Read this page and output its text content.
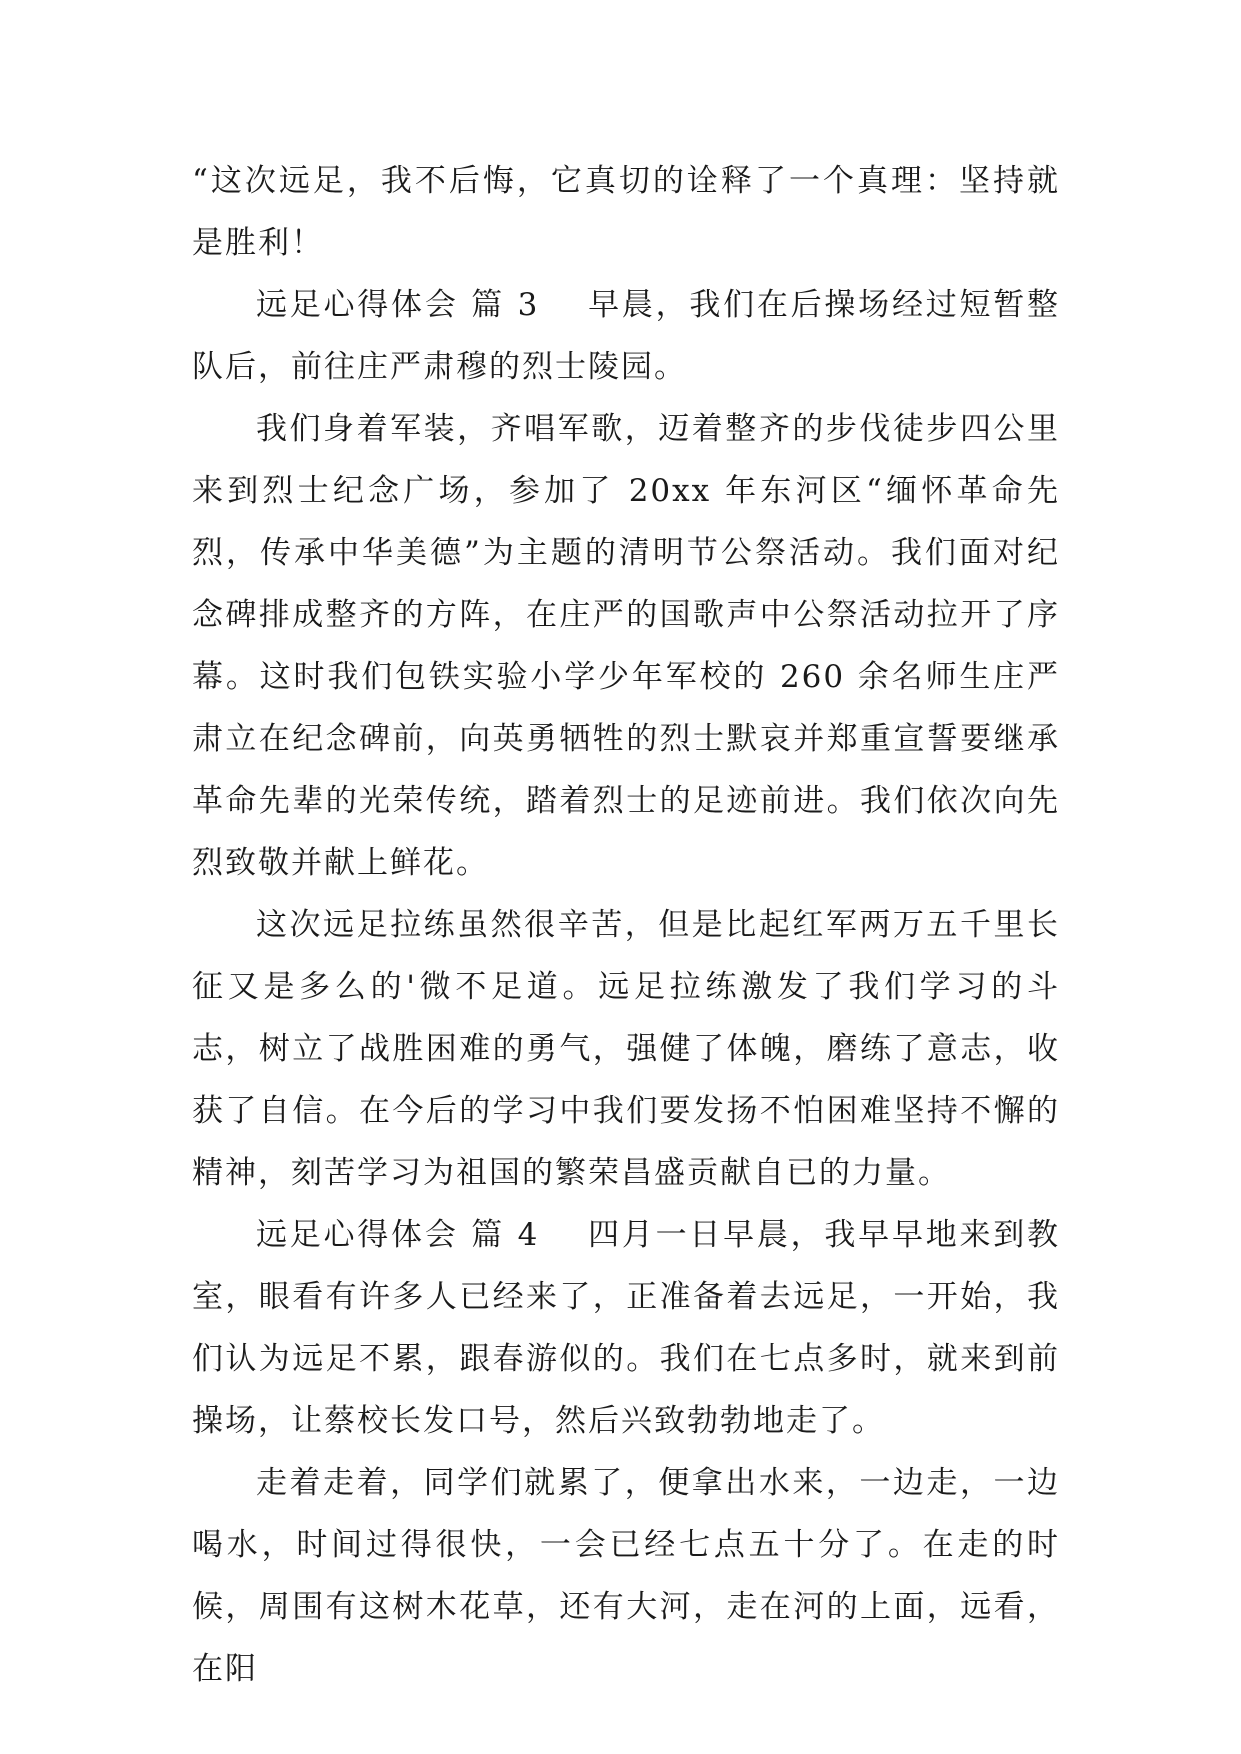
“这次远足，我不后悔，它真切的诠释了一个真理：坚持就是胜利！

远足心得体会 篇 3 早晨，我们在后操场经过短暂整队后，前往庄严肃穆的烈士陵园。

我们身着军装，齐唱军歌，迈着整齐的步伐徒步四公里来到烈士纪念广场，参加了 20xx 年东河区“缅怀革命先烈，传承中华美德”为主题的清明节公祭活动。我们面对纪念碑排成整齐的方阵，在庄严的国歌声中公祭活动拉开了序幕。这时我们包铁实验小学少年军校的 260 余名师生庄严肃立在纪念碑前，向英勇牺牲的烈士默哀并郑重宣誓要继承革命先辈的光荣传统，踏着烈士的足迹前进。我们依次向先烈致敬并献上鲜花。

这次远足拉练虽然很辛苦，但是比起红军两万五千里长征又是多么的'微不足道。远足拉练激发了我们学习的斗志，树立了战胜困难的勇气，强健了体魄，磨练了意志，收获了自信。在今后的学习中我们要发扬不怕困难坚持不懈的精神，刻苦学习为祖国的繁荣昌盛贡献自已的力量。

远足心得体会 篇 4 四月一日早晨，我早早地来到教室，眼看有许多人已经来了，正准备着去远足，一开始，我们认为远足不累，跟春游似的。我们在七点多时，就来到前操场，让蔡校长发口号，然后兴致勃勃地走了。

走着走着，同学们就累了，便拿出水来，一边走，一边喝水，时间过得很快，一会已经七点五十分了。在走的时候，周围有这树木花草，还有大河，走在河的上面，远看，在阳
